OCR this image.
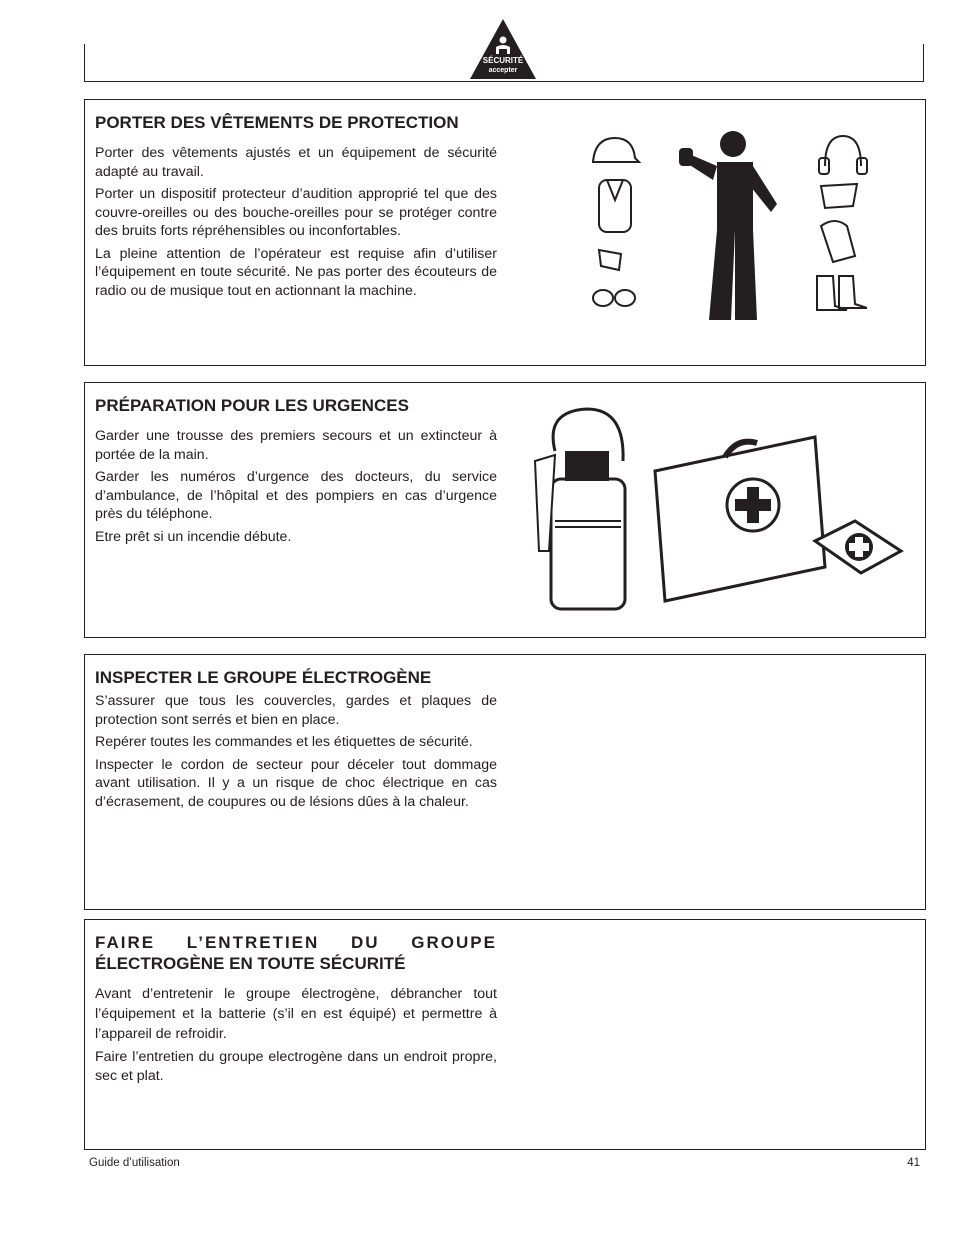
SÉCURITÉ
accepter
PORTER DES VÊTEMENTS DE PROTECTION

Porter des vêtements ajustés et un équipement de sécurité adapté au travail.

Porter un dispositif protecteur d’audition approprié tel que des couvre-oreilles ou des bouche-oreilles pour se protéger contre des bruits forts répréhensibles ou inconfortables.

La pleine attention de l’opérateur est requise afin d’utiliser l’équipement en toute sécurité. Ne pas porter des écouteurs de radio ou de musique tout en actionnant la machine.

PRÉPARATION POUR LES URGENCES

Garder une trousse des premiers secours et un extincteur à portée de la main.

Garder les numéros d’urgence des docteurs, du service d’ambulance, de l’hôpital et des pompiers en cas d’urgence près du téléphone.

Etre prêt si un incendie débute.

INSPECTER LE GROUPE ÉLECTROGÈNE

S’assurer que tous les couvercles, gardes et plaques de protection sont serrés et bien en place.

Repérer toutes les commandes et les étiquettes de sécurité.

Inspecter le cordon de secteur pour déceler tout dommage avant utilisation. Il y a un risque de choc électrique en cas d’écrasement, de coupures ou de lésions dûes à la chaleur.

FAIRE L’ENTRETIEN DU GROUPE
ÉLECTROGÈNE EN TOUTE SÉCURITÉ

Avant d’entretenir le groupe électrogène, débrancher tout l’équipement et la batterie (s’il en est équipé) et permettre à l’appareil de refroidir.

Faire l’entretien du groupe electrogène dans un endroit propre, sec et plat.

Guide d’utilisation	41
